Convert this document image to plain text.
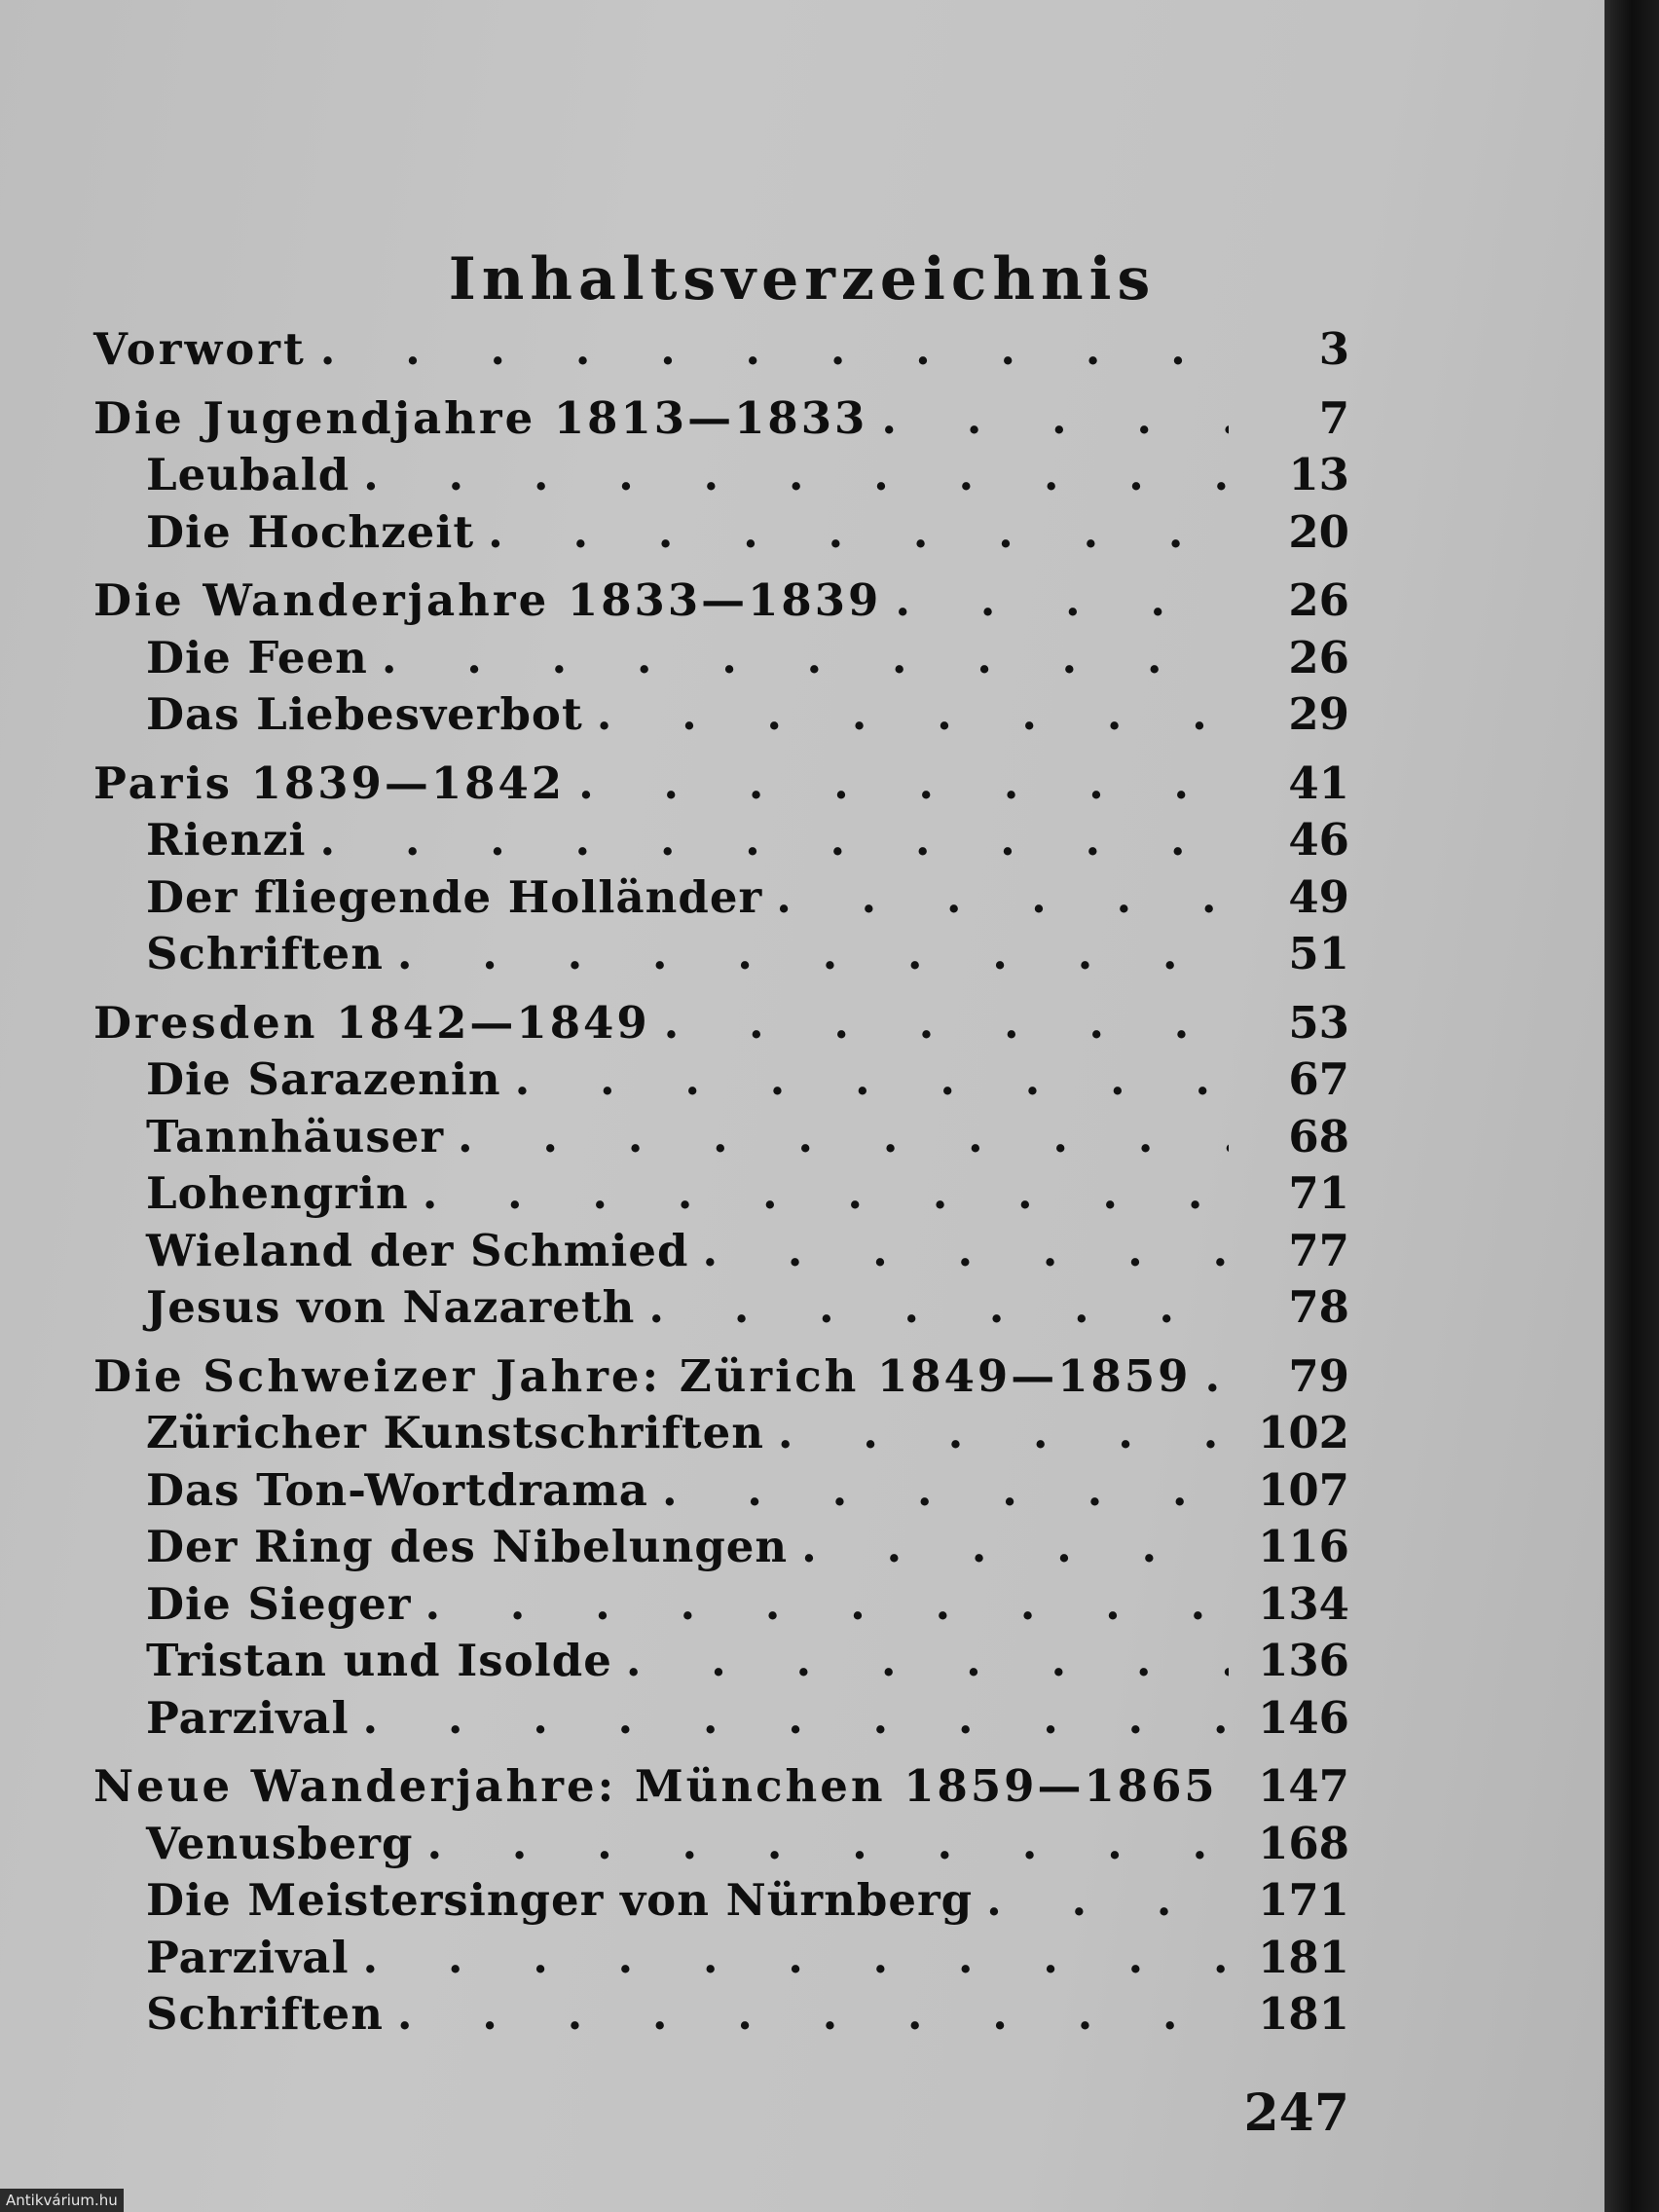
Inhaltsverzeichnis
Vorwort . . .	3
Die Jugendjahre 1813—1833 . . .	7
Leubald . . .	13
Die Hochzeit . . .	20
Die Wanderjahre 1833—1839 . . .	26
Die Feen . . .	26
Das Liebesverbot . . .	29
Paris 1839—1842 . . .	41
Rienzi . . .	46
Der fliegende Holländer . . .	49
Schriften . . .	51
Dresden 1842—1849 . . .	53
Die Sarazenin . . .	67
Tannhäuser . . .	68
Lohengrin . . .	71
Wieland der Schmied . . .	77
Jesus von Nazareth . . .	78
Die Schweizer Jahre: Zürich 1849—1859 . . .	79
Züricher Kunstschriften . . .	102
Das Ton-Wortdrama . . .	107
Der Ring des Nibelungen . . .	116
Die Sieger . . .	134
Tristan und Isolde . . .	136
Parzival . . .	146
Neue Wanderjahre: München 1859—1865 147
Venusberg . . .	168
Die Meistersinger von Nürnberg . . .	171
Parzival . . .	181
Schriften . . .	181
247
Antikvárium.hu
